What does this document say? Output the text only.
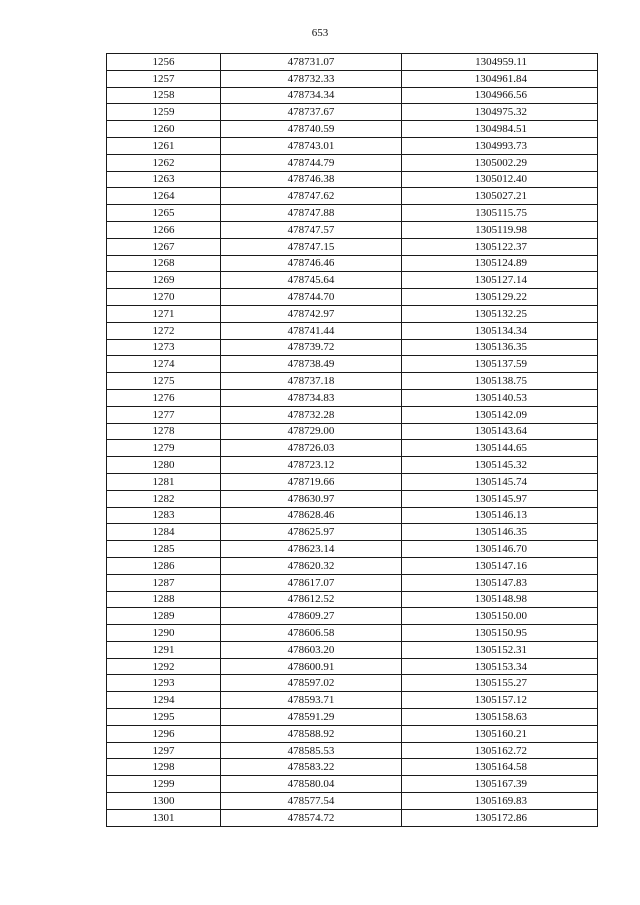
653
1256	478731.07	1304959.11
1257	478732.33	1304961.84
1258	478734.34	1304966.56
1259	478737.67	1304975.32
1260	478740.59	1304984.51
1261	478743.01	1304993.73
1262	478744.79	1305002.29
1263	478746.38	1305012.40
1264	478747.62	1305027.21
1265	478747.88	1305115.75
1266	478747.57	1305119.98
1267	478747.15	1305122.37
1268	478746.46	1305124.89
1269	478745.64	1305127.14
1270	478744.70	1305129.22
1271	478742.97	1305132.25
1272	478741.44	1305134.34
1273	478739.72	1305136.35
1274	478738.49	1305137.59
1275	478737.18	1305138.75
1276	478734.83	1305140.53
1277	478732.28	1305142.09
1278	478729.00	1305143.64
1279	478726.03	1305144.65
1280	478723.12	1305145.32
1281	478719.66	1305145.74
1282	478630.97	1305145.97
1283	478628.46	1305146.13
1284	478625.97	1305146.35
1285	478623.14	1305146.70
1286	478620.32	1305147.16
1287	478617.07	1305147.83
1288	478612.52	1305148.98
1289	478609.27	1305150.00
1290	478606.58	1305150.95
1291	478603.20	1305152.31
1292	478600.91	1305153.34
1293	478597.02	1305155.27
1294	478593.71	1305157.12
1295	478591.29	1305158.63
1296	478588.92	1305160.21
1297	478585.53	1305162.72
1298	478583.22	1305164.58
1299	478580.04	1305167.39
1300	478577.54	1305169.83
1301	478574.72	1305172.86
